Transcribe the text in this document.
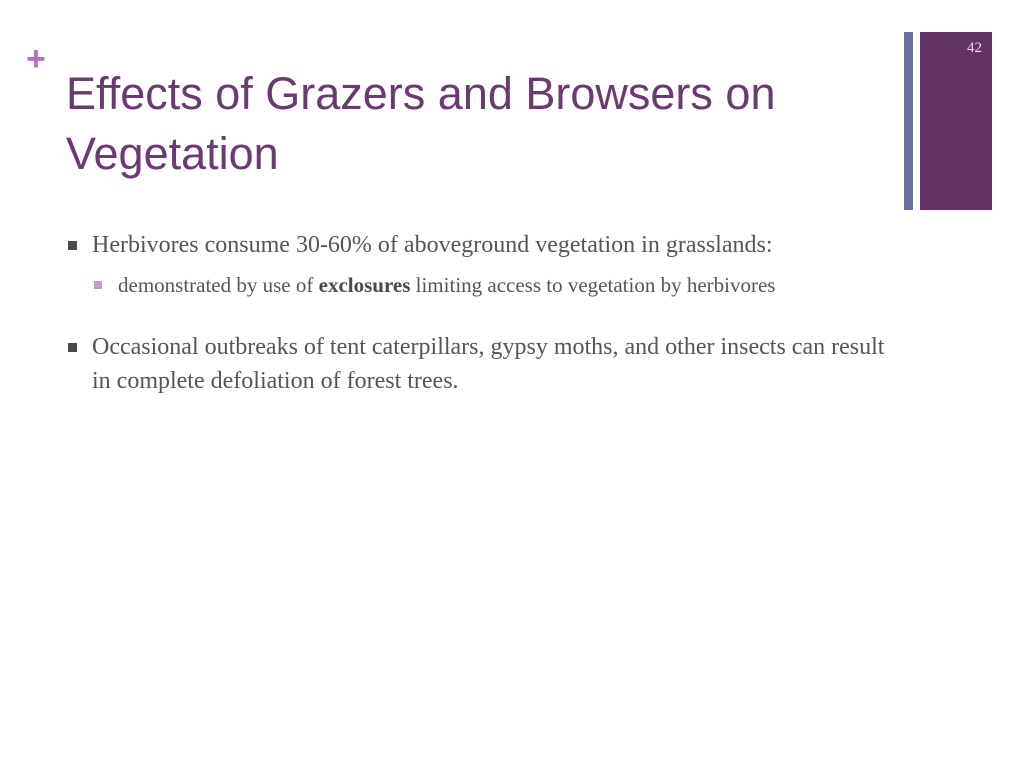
+
Effects of Grazers and Browsers on Vegetation
42
Herbivores consume 30-60% of aboveground vegetation in grasslands:
demonstrated by use of exclosures limiting access to vegetation by herbivores
Occasional outbreaks of tent caterpillars, gypsy moths, and other insects can result in complete defoliation of forest trees.
